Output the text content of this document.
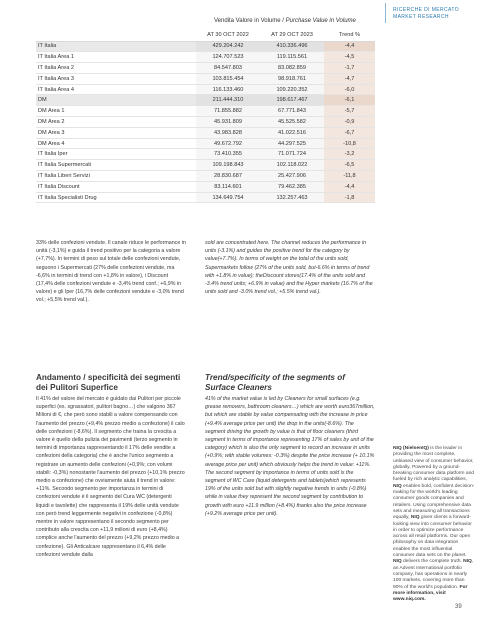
RICERCHE DI MERCATO
MARKET RESEARCH
Vendita Valore in Volume / Purchase Value in Volume
	AT 30 OCT 2022	AT 29 OCT 2023	Trend %
IT Italia	429.204.242	410.336.496	-4,4
IT Italia Area 1	124.707.523	119.115.561	-4,5
IT Italia Area 2	84.547.803	83.082.859	-1,7
IT Italia Area 3	103.815.454	98.918.761	-4,7
IT Italia Area 4	116.133.460	109.220.352	-6,0
DM	211.444.310	198.617.467	-6,1
DM Area 1	71.855.882	67.771.843	-5,7
DM Area 2	45.931.809	45.525.582	-0,9
DM Area 3	43.983.828	41.022.516	-6,7
DM Area 4	49.672.792	44.297.525	-10,8
IT Italia Iper	73.410.355	71.071.724	-3,2
IT Italia Supermercati	109.198.843	102.118.022	-6,5
IT Italia Liberi Servizi	28.830.687	25.427.906	-11,8
IT Italia Discount	83.114.601	79.462.385	-4,4
IT Italia Specialisti Drug	134.649.754	132.257.463	-1,8

33% delle confezioni vendute. Il canale riduce le performance in unità (-3,1%) e guida il trend positivo per la categoria a valore (+7,7%). In termini di peso sul totale delle confezioni vendute, seguono i Supermercati (27% delle confezioni vendute, ma -6,6% in termini di trend con +1,8% in valore), i Discount (17,4% delle confezioni vendute e -3,4% trend conf.; +6,9% in valore) e gli Iper (16,7% delle confezioni vendute e -3,0% trend vol.; +5,5% trend val.).

sold are concentrated here. The channel reduces the performance in units (-3.1%) and guides the positive trend for the category by value(+7.7%). In terms of weight on the total of the units sold, Supermarkets follow (27% of the units sold, but-6.6% in terms of trend with +1.8% in value); theDiscount stores(17.4% of the units sold and -3.4% trend units; +6.9% in value) and the Hyper markets (16.7% of the units sold and -3.0% trend vol.; +5.5% trend val.).

Andamento / specificità dei segmenti dei Pulitori Superfice

Il 41% del valore del mercato è guidato dai Pulitori per piccole superfici (es. sgrassatori, pulitori bagno…) che valgono 367 Milioni di €, che però sono stabili a valore compensando con l'aumento del prezzo (+9,4% prezzo medio a confezione) il calo delle confezioni (-8,6%). Il segmento che traina la crescita a valore è quello della pulizia dei pavimenti (terzo segmento in termini di importanza rappresentando il 17% delle vendite a confezioni della categoria) che è anche l'unico segmento a registrare un aumento delle confezioni (+0,9%; con volumi stabili: -0,3%) nonostante l'aumento del prezzo (+10,1% prezzo medio a confezione) che ovviamente aiuta il trend in valore: +11%. Secondo segmento per importanza in termini di confezioni vendute è il segmento del Cura WC (detergenti liquidi e tavolette) che rappresenta il 19% delle unità vendute con però trend leggermente negativi in confezione (-0,8%) mentre in valore rappresentano il secondo segmento per contributo alla crescita con +11,9 milioni di euro (+8,4%) complice anche l'aumento del prezzo (+9,2% prezzo medio a confezione). Gli Anticalcare rappresentano il 6,4% delle confezioni vendute dalla

Trend/specificity of the segments of Surface Cleaners

41% of the market value is led by Cleaners for small surfaces (e.g. grease removers, bathroom cleaners…) which are worth euro367million, but which are stable by value compensating with the increase in price (+9.4% average price per unit) the drop in the units(-8.6%). The segment driving the growth by value is that of floor cleaners (third segment in terms of importance representing 17% of sales by unit of the category) which is also the only segment to record an increase in units (+0.9%; with stable volumes: -0.3%) despite the price increase (+ 10.1% average price per unit) which obviously helps the trend in value: +11%. The second segment by importance in terms of units sold is the segment of WC Care (liquid detergents and tablets)which represents 19% of the units sold but with slightly negative trends in units (-0.8%) while in value they represent the second segment by contribution to growth with euro +11.9 million (+8.4%) thanks also the price increase (+9.2% average price per unit).

NIQ (NielsenIQ) is the leader in providing the most complete, unbiased view of consumer behavior, globally. Powered by a ground-breaking consumer data platform and fueled by rich analytic capabilities, NIQ enables bold, confident decision-making for the world's leading consumer goods companies and retailers. Using comprehensive data sets and measuring all transactions equally, NIQ gives clients a forward-looking view into consumer behavior in order to optimize performance across all retail platforms. Our open philosophy on data integration enables the most influential consumer data sets on the planet. NIQ delivers the complete truth. NIQ, an Advent International portfolio company, has operations in nearly 100 markets, covering more than 90% of the world's population. For more information, visit www.niq.com.
39
